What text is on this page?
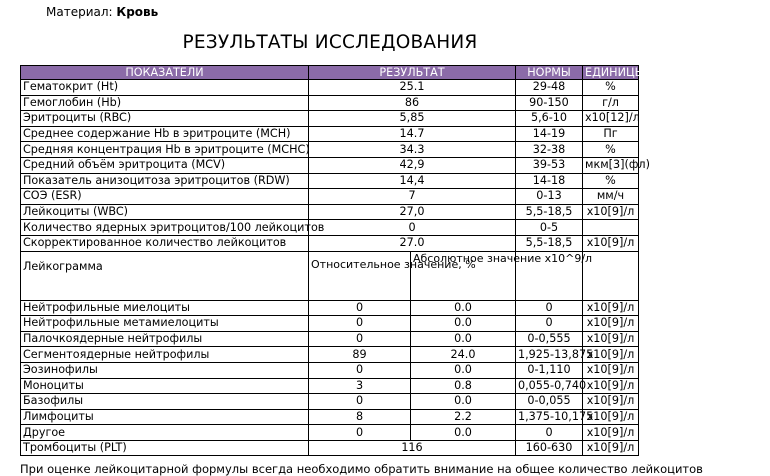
Материал: Кровь
РЕЗУЛЬТАТЫ ИССЛЕДОВАНИЯ
ПОКАЗАТЕЛИ	РЕЗУЛЬТАТ		НОРМЫ	ЕДИНИЦЫ
Гематокрит (Ht)	25.1		29-48	%
Гемоглобин (Hb)	86		90-150	г/л
Эритроциты (RBC)	5,85		5,6-10	x10[12]/л
Среднее содержание Hb в эритроците (MCH)	14.7		14-19	Пг
Средняя концентрация Hb в эритроците (MCHC)	34.3		32-38	%
Средний объём эритроцита (MCV)	42,9		39-53	мкм[3](фл)
Показатель анизоцитоза эритроцитов (RDW)	14,4		14-18	%
СОЭ (ESR)	7		0-13	мм/ч
Лейкоциты (WBC)	27,0		5,5-18,5	x10[9]/л
Количество ядерных эритроцитов/100 лейкоцитов	0		0-5	
Скорректированное количество лейкоцитов	27.0		5,5-18,5	x10[9]/л
Лейкограмма	Относительное значение, %	Абсолютное значение x10^9/л		
Нейтрофильные миелоциты	0	0.0	0	x10[9]/л
Нейтрофильные метамиелоциты	0	0.0	0	x10[9]/л
Палочкоядерные нейтрофилы	0	0.0	0-0,555	x10[9]/л
Сегментоядерные нейтрофилы	89	24.0	1,925-13,875	x10[9]/л
Эозинофилы	0	0.0	0-1,110	x10[9]/л
Моноциты	3	0.8	0,055-0,740	x10[9]/л
Базофилы	0	0.0	0-0,055	x10[9]/л
Лимфоциты	8	2.2	1,375-10,175	x10[9]/л
Другое	0	0.0	0	x10[9]/л
Тромбоциты (PLT)	116		160-630	x10[9]/л
При оценке лейкоцитарной формулы всегда необходимо обратить внимание на общее количество лейкоцитов
